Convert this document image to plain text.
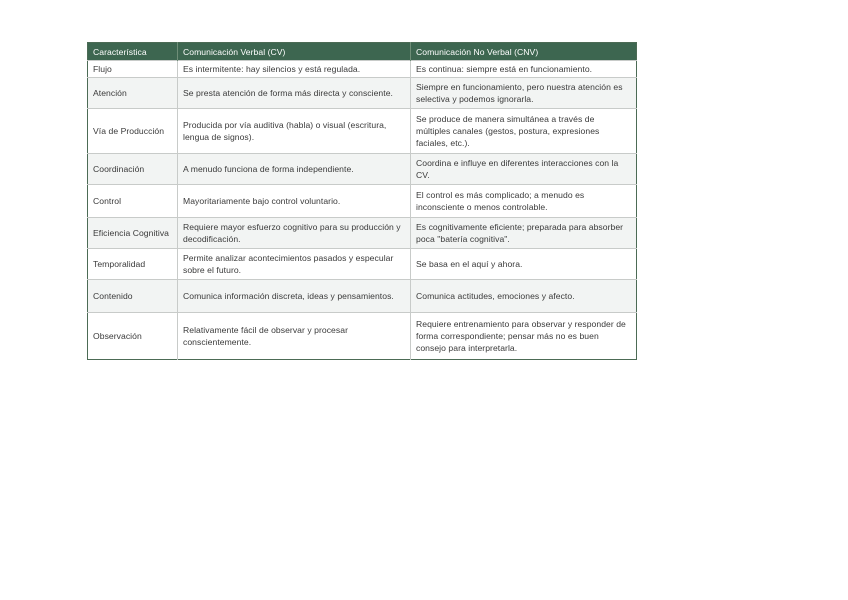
Característica	Comunicación Verbal (CV)	Comunicación No Verbal (CNV)
Flujo	Es intermitente: hay silencios y está regulada.	Es continua: siempre está en funcionamiento.
Atención	Se presta atención de forma más directa y consciente.	Siempre en funcionamiento, pero nuestra atención es selectiva y podemos ignorarla.
Vía de Producción	Producida por vía auditiva (habla) o visual (escritura, lengua de signos).	Se produce de manera simultánea a través de múltiples canales (gestos, postura, expresiones faciales, etc.).
Coordinación	A menudo funciona de forma independiente.	Coordina e influye en diferentes interacciones con la CV.
Control	Mayoritariamente bajo control voluntario.	El control es más complicado; a menudo es inconsciente o menos controlable.
Eficiencia Cognitiva	Requiere mayor esfuerzo cognitivo para su producción y decodificación.	Es cognitivamente eficiente; preparada para absorber poca "batería cognitiva".
Temporalidad	Permite analizar acontecimientos pasados y especular sobre el futuro.	Se basa en el aquí y ahora.
Contenido	Comunica información discreta, ideas y pensamientos.	Comunica actitudes, emociones y afecto.
Observación	Relativamente fácil de observar y procesar conscientemente.	Requiere entrenamiento para observar y responder de forma correspondiente; pensar más no es buen consejo para interpretarla.
